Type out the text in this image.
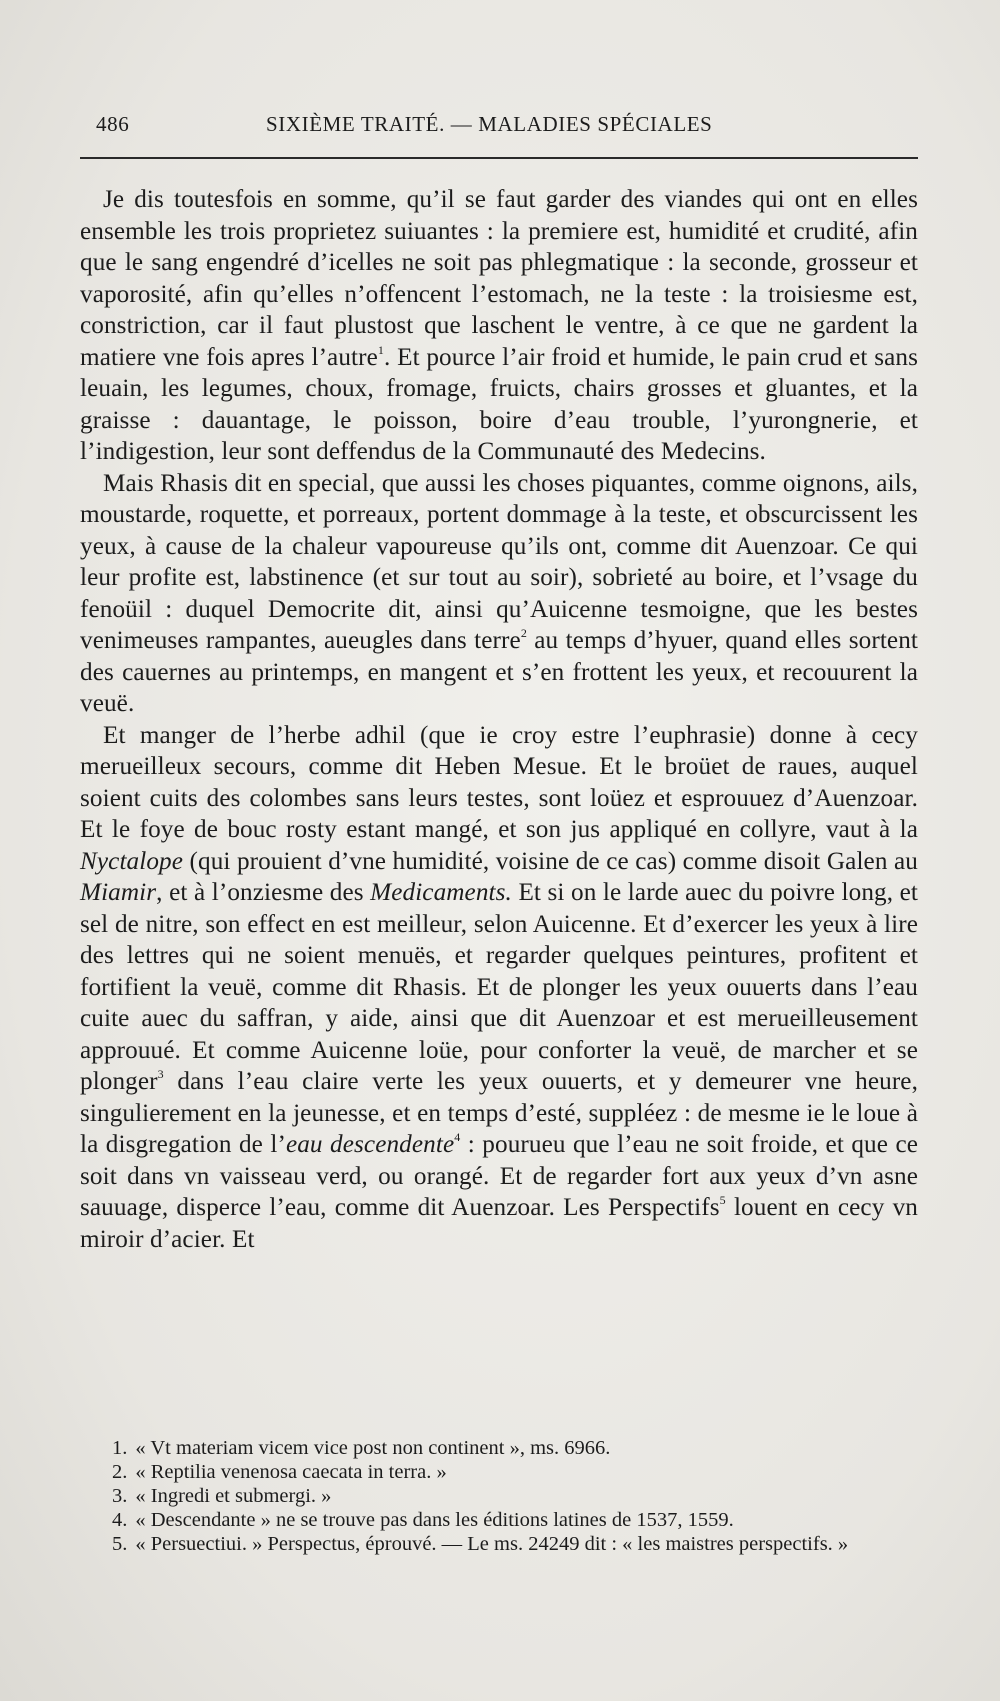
486	SIXIÈME TRAITÉ. — MALADIES SPÉCIALES

Je dis toutesfois en somme, qu’il se faut garder des viandes qui ont en elles ensemble les trois proprietez suiuantes : la premiere est, humidité et crudité, afin que le sang engendré d’icelles ne soit pas phlegmatique : la seconde, grosseur et vaporosité, afin qu’elles n’offencent l’estomach, ne la teste : la troisiesme est, constriction, car il faut plustost que laschent le ventre, à ce que ne gardent la matiere vne fois apres l’autre$^1$. Et pource l’air froid et humide, le pain crud et sans leuain, les legumes, choux, fromage, fruicts, chairs grosses et gluantes, et la graisse : dauantage, le poisson, boire d’eau trouble, l’yurongnerie, et l’indigestion, leur sont deffendus de la Communauté des Medecins.

Mais Rhasis dit en special, que aussi les choses piquantes, comme oignons, ails, moustarde, roquette, et porreaux, portent dommage à la teste, et obscurcissent les yeux, à cause de la chaleur vapoureuse qu’ils ont, comme dit Auenzoar. Ce qui leur profite est, labstinence (et sur tout au soir), sobrieté au boire, et l’vsage du fenoüil : duquel Democrite dit, ainsi qu’Auicenne tesmoigne, que les bestes venimeuses rampantes, aueugles dans terre$^2$ au temps d’hyuer, quand elles sortent des cauernes au printemps, en mangent et s’en frottent les yeux, et recouurent la veuë.

Et manger de l’herbe adhil (que ie croy estre l’euphrasie) donne à cecy merueilleux secours, comme dit Heben Mesue. Et le broüet de raues, auquel soient cuits des colombes sans leurs testes, sont loüez et esprouuez d’Auenzoar. Et le foye de bouc rosty estant mangé, et son jus appliqué en collyre, vaut à la Nyctalope (qui prouient d’vne humidité, voisine de ce cas) comme disoit Galen au Miamir, et à l’onziesme des Medicaments. Et si on le larde auec du poivre long, et sel de nitre, son effect en est meilleur, selon Auicenne. Et d’exercer les yeux à lire des lettres qui ne soient menuës, et regarder quelques peintures, profitent et fortifient la veuë, comme dit Rhasis. Et de plonger les yeux ouuerts dans l’eau cuite auec du saffran, y aide, ainsi que dit Auenzoar et est merueilleusement approuué. Et comme Auicenne loüe, pour conforter la veuë, de marcher et se plonger$^3$ dans l’eau claire verte les yeux ouuerts, et y demeurer vne heure, singulierement en la jeunesse, et en temps d’esté, suppléez : de mesme ie le loue à la disgregation de l’eau descendente$^4$ : pourueu que l’eau ne soit froide, et que ce soit dans vn vaisseau verd, ou orangé. Et de regarder fort aux yeux d’vn asne sauuage, disperce l’eau, comme dit Auenzoar. Les Perspectifs$^5$ louent en cecy vn miroir d’acier. Et

1. « Vt materiam vicem vice post non continent », ms. 6966.
2. « Reptilia venenosa caecata in terra. »
3. « Ingredi et submergi. »
4. « Descendante » ne se trouve pas dans les éditions latines de 1537, 1559.
5. « Persuectiui. » Perspectus, éprouvé. — Le ms. 24249 dit : « les maistres perspectifs. »
